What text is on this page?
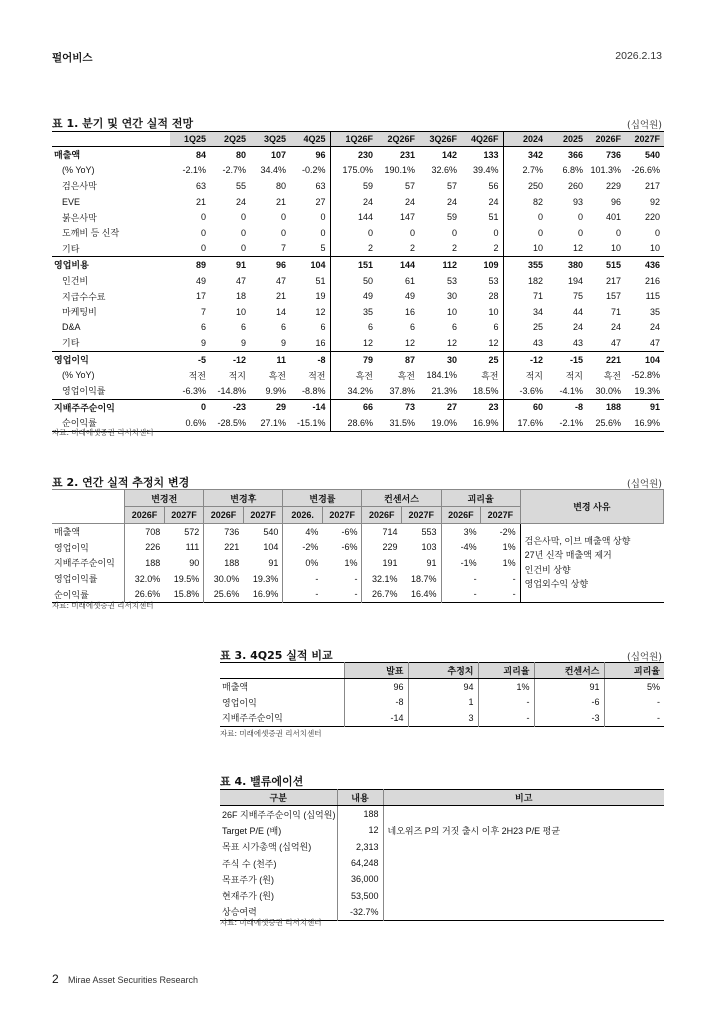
펄어비스	2026.2.13
표 1. 분기 및 연간 실적 전망	(십억원)
	1Q25	2Q25	3Q25	4Q25	1Q26F	2Q26F	3Q26F	4Q26F	2024	2025	2026F	2027F
매출액	84	80	107	96	230	231	142	133	342	366	736	540
(% YoY)	-2.1%	-2.7%	34.4%	-0.2%	175.0%	190.1%	32.6%	39.4%	2.7%	6.8%	101.3%	-26.6%
검은사막	63	55	80	63	59	57	57	56	250	260	229	217
EVE	21	24	21	27	24	24	24	24	82	93	96	92
붉은사막	0	0	0	0	144	147	59	51	0	0	401	220
도깨비 등 신작	0	0	0	0	0	0	0	0	0	0	0	0
기타	0	0	7	5	2	2	2	2	10	12	10	10
영업비용	89	91	96	104	151	144	112	109	355	380	515	436
인건비	49	47	47	51	50	61	53	53	182	194	217	216
지급수수료	17	18	21	19	49	49	30	28	71	75	157	115
마케팅비	7	10	14	12	35	16	10	10	34	44	71	35
D&A	6	6	6	6	6	6	6	6	25	24	24	24
기타	9	9	9	16	12	12	12	12	43	43	47	47
영업이익	-5	-12	11	-8	79	87	30	25	-12	-15	221	104
(% YoY)	적전	적지	흑전	적전	흑전	흑전	184.1%	흑전	적지	적지	흑전	-52.8%
영업이익률	-6.3%	-14.8%	9.9%	-8.8%	34.2%	37.8%	21.3%	18.5%	-3.6%	-4.1%	30.0%	19.3%
지배주주순이익	0	-23	29	-14	66	73	27	23	60	-8	188	91
순이익률	0.6%	-28.5%	27.1%	-15.1%	28.6%	31.5%	19.0%	16.9%	17.6%	-2.1%	25.6%	16.9%
자료: 미래에셋증권 리서치센터
표 2. 연간 실적 추정치 변경	(십억원)
	변경전		변경후		변경률		컨센서스		괴리율		변경 사유
	2026F	2027F	2026F	2027F	2026.	2027F	2026F	2027F	2026F	2027F	
매출액	708	572	736	540	4%	-6%	714	553	3%	-2%	검은사막, 이브 매출액 상향
27년 신작 매출액 제거
인건비 상향
영업외수익 상향

영업이익	226	111	221	104	-2%	-6%	229	103	-4%	1%	
지배주주순이익	188	90	188	91	0%	1%	191	91	-1%	1%	
영업이익률	32.0%	19.5%	30.0%	19.3%	-	-	32.1%	18.7%	-	-	
순이익률	26.6%	15.8%	25.6%	16.9%	-	-	26.7%	16.4%	-	-	
자료: 미래에셋증권 리서치센터
표 3. 4Q25 실적 비교	(십억원)
	발표	추정치	괴리율	컨센서스	괴리율
매출액	96	94	1%	91	5%
영업이익	-8	1	-	-6	-
지배주주순이익	-14	3	-	-3	-
자료: 미래에셋증권 리서치센터
표 4. 밸류에이션
구분	내용	비고
26F 지배주주순이익 (십억원)	188	
Target P/E (배)	12	네오위즈 P의 거짓 출시 이후 2H23 P/E 평균
목표 시가총액 (십억원)	2,313	
주식 수 (천주)	64,248	
목표주가 (원)	36,000	
현재주가 (원)	53,500	
상승여력	-32.7%	
자료: 미래에셋증권 리서치센터
2 Mirae Asset Securities Research
